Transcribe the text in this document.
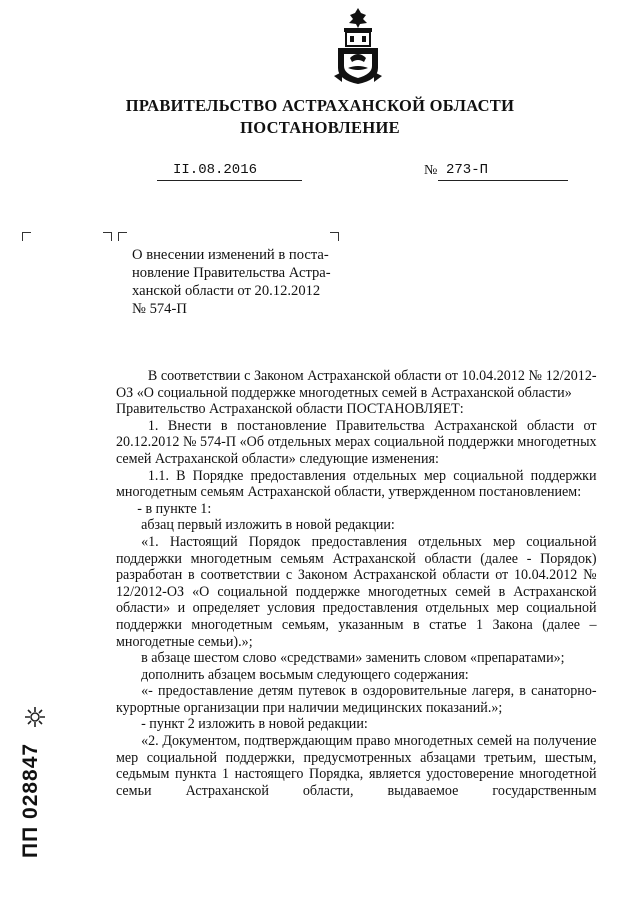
ПРАВИТЕЛЬСТВО АСТРАХАНСКОЙ ОБЛАСТИ
ПОСТАНОВЛЕНИЕ
II.08.2016	№ 273-П

О внесении изменений в поста-

новление Правительства Астра-

ханской области от 20.12.2012

№ 574-П

В соответствии с Законом Астраханской области от 10.04.2012 № 12/2012-ОЗ «О социальной поддержке многодетных семей в Астраханской области»

Правительство Астраханской области ПОСТАНОВЛЯЕТ:

1. Внести в постановление Правительства Астраханской области от 20.12.2012 № 574-П «Об отдельных мерах социальной поддержки многодетных семей Астраханской области» следующие изменения:

1.1. В Порядке предоставления отдельных мер социальной поддержки многодетным семьям Астраханской области, утвержденном постановлением:

- в пункте 1:

абзац первый изложить в новой редакции:

«1. Настоящий Порядок предоставления отдельных мер социальной поддержки многодетным семьям Астраханской области (далее - Порядок) разработан в соответствии с Законом Астраханской области от 10.04.2012 № 12/2012-ОЗ «О социальной поддержке многодетных семей в Астраханской области» и определяет условия предоставления отдельных мер социальной поддержки многодетным семьям, указанным в статье 1 Закона (далее – многодетные семьи).»;

в абзаце шестом слово «средствами» заменить словом «препаратами»;

дополнить абзацем восьмым следующего содержания:

«- предоставление детям путевок в оздоровительные лагеря, в санаторно-курортные организации при наличии медицинских показаний.»;

- пункт 2 изложить в новой редакции:

«2. Документом, подтверждающим право многодетных семей на получение мер социальной поддержки, предусмотренных абзацами третьим, шестым, седьмым пункта 1 настоящего Порядка, является удостоверение многодетной семьи Астраханской области, выдаваемое государственным

ПП 028847
